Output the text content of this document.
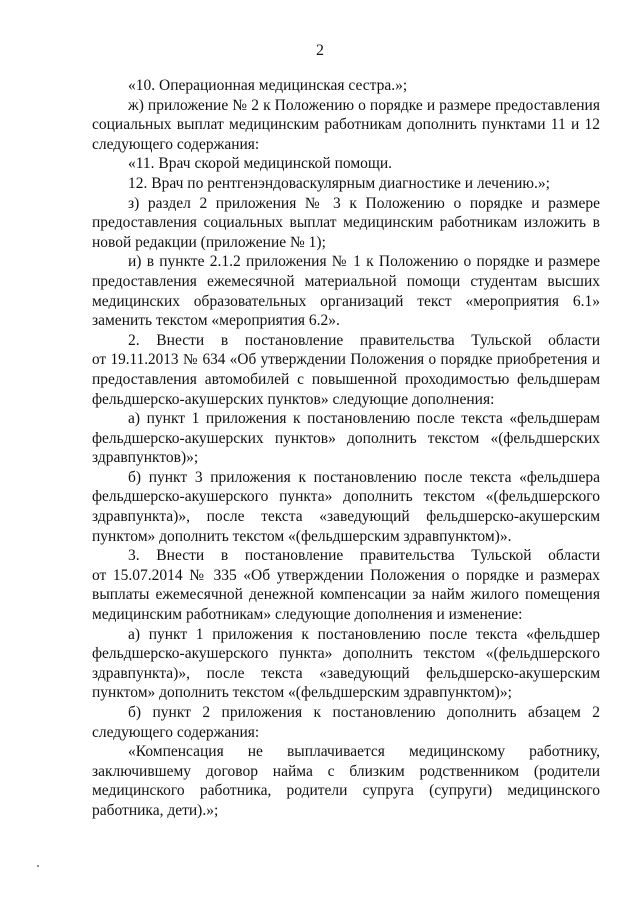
2
«10. Операционная медицинская сестра.»;
ж) приложение № 2 к Положению о порядке и размере предоставления
социальных выплат медицинским работникам дополнить пунктами 11 и 12
следующего содержания:
«11. Врач скорой медицинской помощи.
12. Врач по рентгенэндоваскулярным диагностике и лечению.»;
з) раздел 2 приложения № 3 к Положению о порядке и размере
предоставления социальных выплат медицинским работникам изложить в
новой редакции (приложение № 1);
и) в пункте 2.1.2 приложения № 1 к Положению о порядке и размере
предоставления ежемесячной материальной помощи студентам высших
медицинских образовательных организаций текст «мероприятия 6.1»
заменить текстом «мероприятия 6.2».
2. Внести в постановление правительства Тульской области
от 19.11.2013 № 634 «Об утверждении Положения о порядке приобретения и
предоставления автомобилей с повышенной проходимостью фельдшерам
фельдшерско-акушерских пунктов» следующие дополнения:
а) пункт 1 приложения к постановлению после текста «фельдшерам
фельдшерско-акушерских пунктов» дополнить текстом «(фельдшерских
здравпунктов)»;
б) пункт 3 приложения к постановлению после текста «фельдшера
фельдшерско-акушерского пункта» дополнить текстом «(фельдшерского
здравпункта)», после текста «заведующий фельдшерско-акушерским
пунктом» дополнить текстом «(фельдшерским здравпунктом)».
3. Внести в постановление правительства Тульской области
от 15.07.2014 № 335 «Об утверждении Положения о порядке и размерах
выплаты ежемесячной денежной компенсации за найм жилого помещения
медицинским работникам» следующие дополнения и изменение:
а) пункт 1 приложения к постановлению после текста «фельдшер
фельдшерско-акушерского пункта» дополнить текстом «(фельдшерского
здравпункта)», после текста «заведующий фельдшерско-акушерским
пунктом» дополнить текстом «(фельдшерским здравпунктом)»;
б) пункт 2 приложения к постановлению дополнить абзацем 2
следующего содержания:
«Компенсация не выплачивается медицинскому работнику,
заключившему договор найма с близким родственником (родители
медицинского работника, родители супруга (супруги) медицинского
работника, дети).»;
